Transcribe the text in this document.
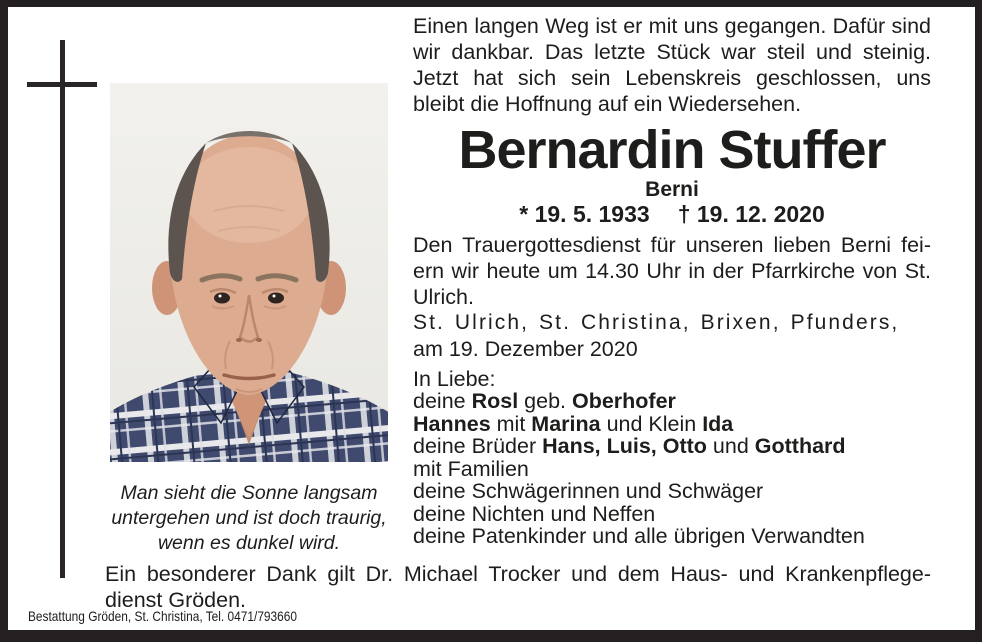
Man sieht die Sonne langsam untergehen und ist doch traurig, wenn es dunkel wird.
Einen langen Weg ist er mit uns gegangen. Dafür sind
wir dankbar. Das letzte Stück war steil und steinig.
Jetzt hat sich sein Lebenskreis geschlossen, uns
bleibt die Hoffnung auf ein Wiedersehen.
Bernardin Stuffer
Berni
* 19. 5. 1933 † 19. 12. 2020
Den Trauergottesdienst für unseren lieben Berni fei-
ern wir heute um 14.30 Uhr in der Pfarrkirche von St.
Ulrich.
St. Ulrich, St. Christina, Brixen, Pfunders,
am 19. Dezember 2020
In Liebe:
deine Rosl geb. Oberhofer
Hannes mit Marina und Klein Ida
deine Brüder Hans, Luis, Otto und Gotthard
mit Familien
deine Schwägerinnen und Schwäger
deine Nichten und Neffen
deine Patenkinder und alle übrigen Verwandten
Ein besonderer Dank gilt Dr. Michael Trocker und dem Haus- und Krankenpflege-
dienst Gröden.
Bestattung Gröden, St. Christina, Tel. 0471/793660
